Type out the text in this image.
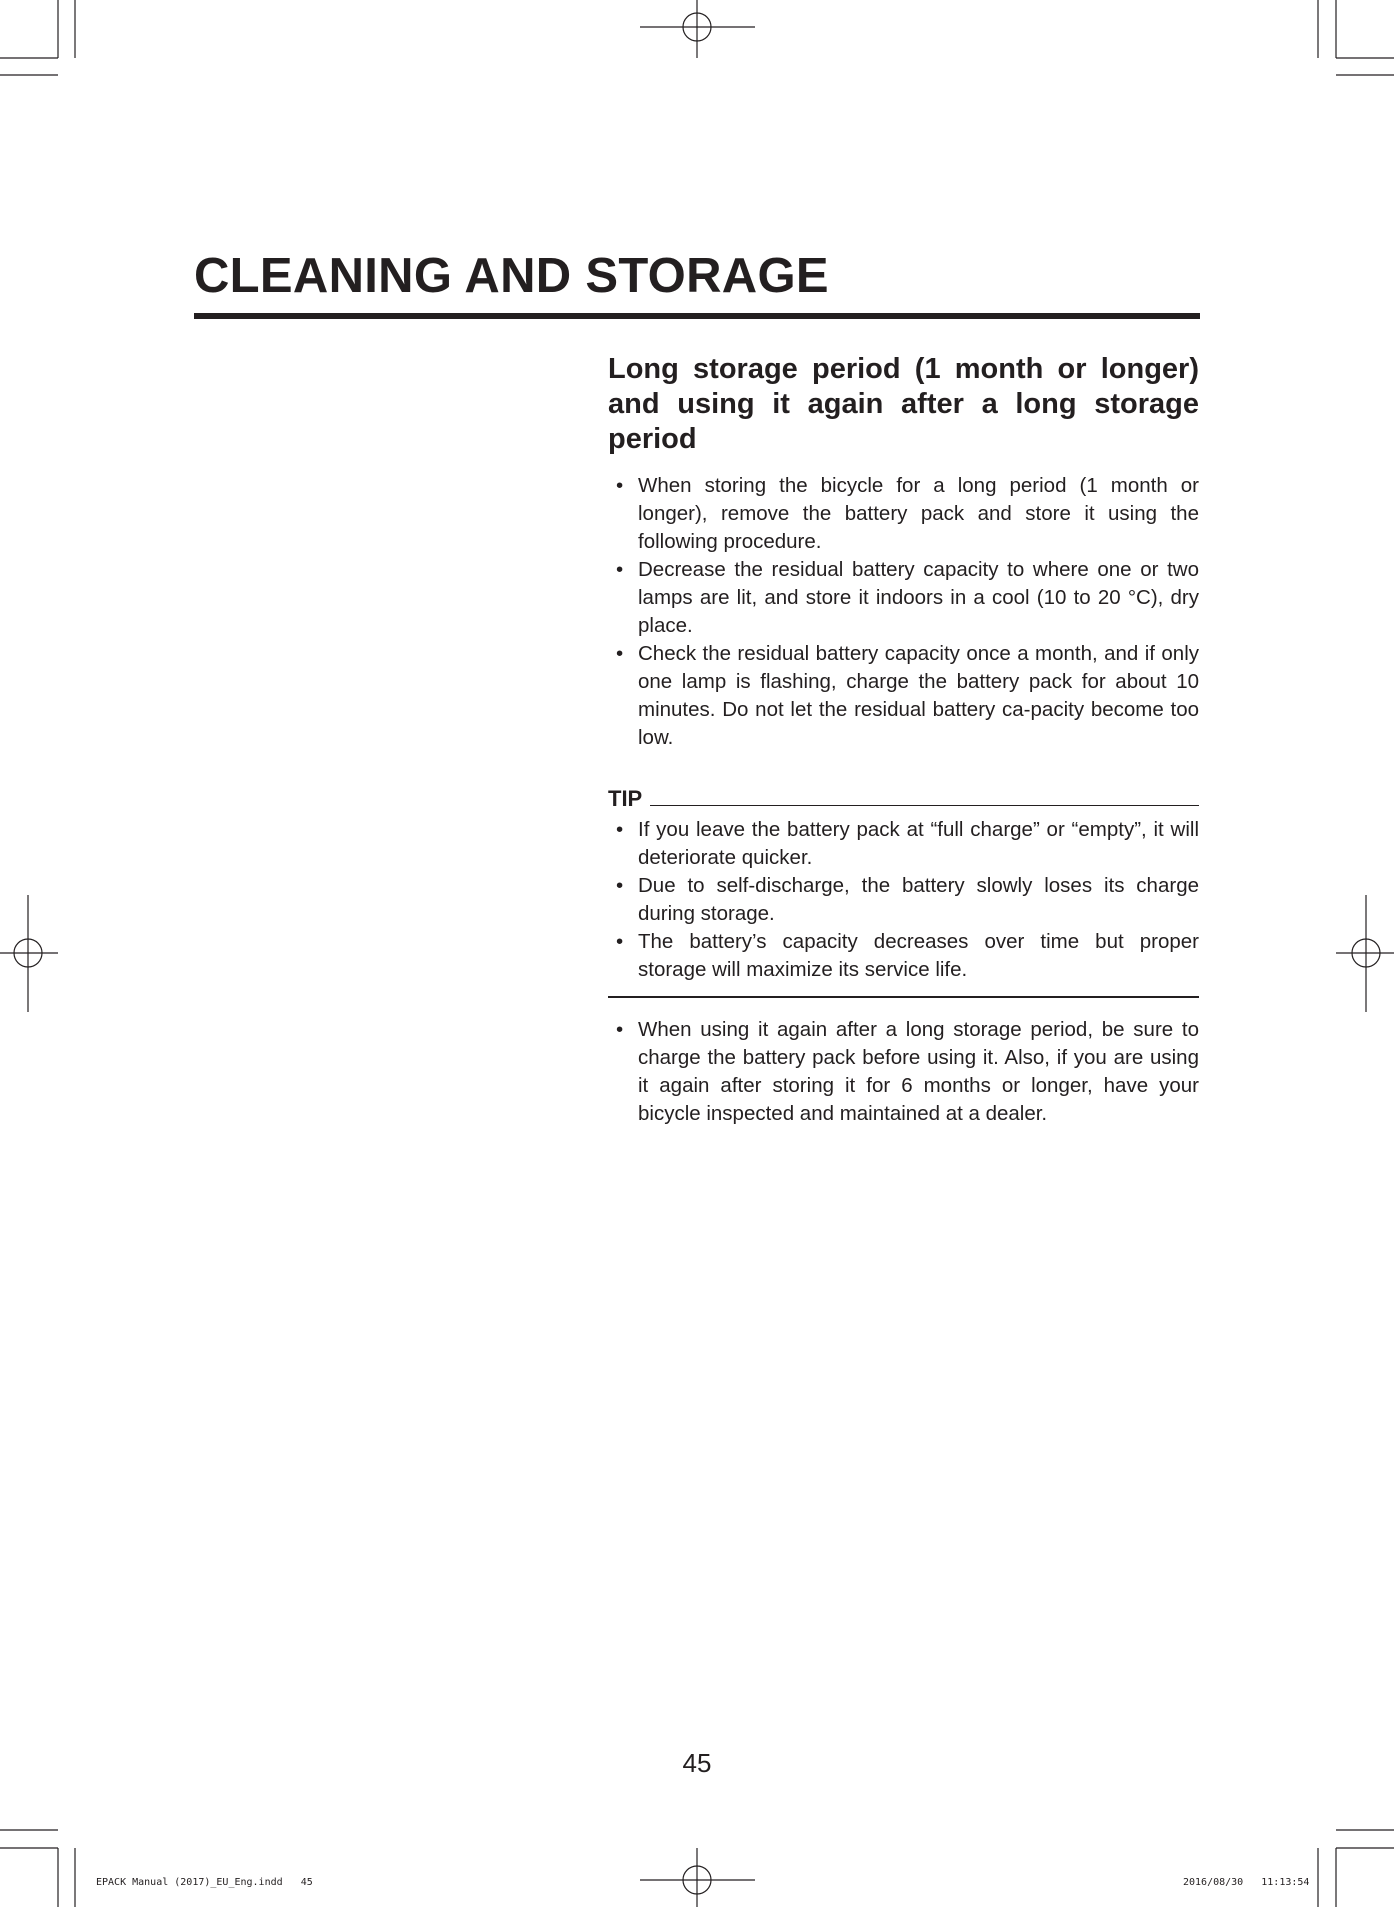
CLEANING AND STORAGE
Long storage period (1 month or longer) and using it again after a long storage period
• When storing the bicycle for a long period (1 month or longer), remove the battery pack and store it using the following procedure.
• Decrease the residual battery capacity to where one or two lamps are lit, and store it indoors in a cool (10 to 20 °C), dry place.
• Check the residual battery capacity once a month, and if only one lamp is flashing, charge the battery pack for about 10 minutes. Do not let the residual battery ca-pacity become too low.
TIP
• If you leave the battery pack at “full charge” or “empty”, it will deteriorate quicker.
• Due to self-discharge, the battery slowly loses its charge during storage.
• The battery’s capacity decreases over time but proper storage will maximize its service life.
• When using it again after a long storage period, be sure to charge the battery pack before using it. Also, if you are using it again after storing it for 6 months or longer, have your bicycle inspected and maintained at a dealer.
45
EPACK Manual (2017)_EU_Eng.indd   45	2016/08/30   11:13:54
